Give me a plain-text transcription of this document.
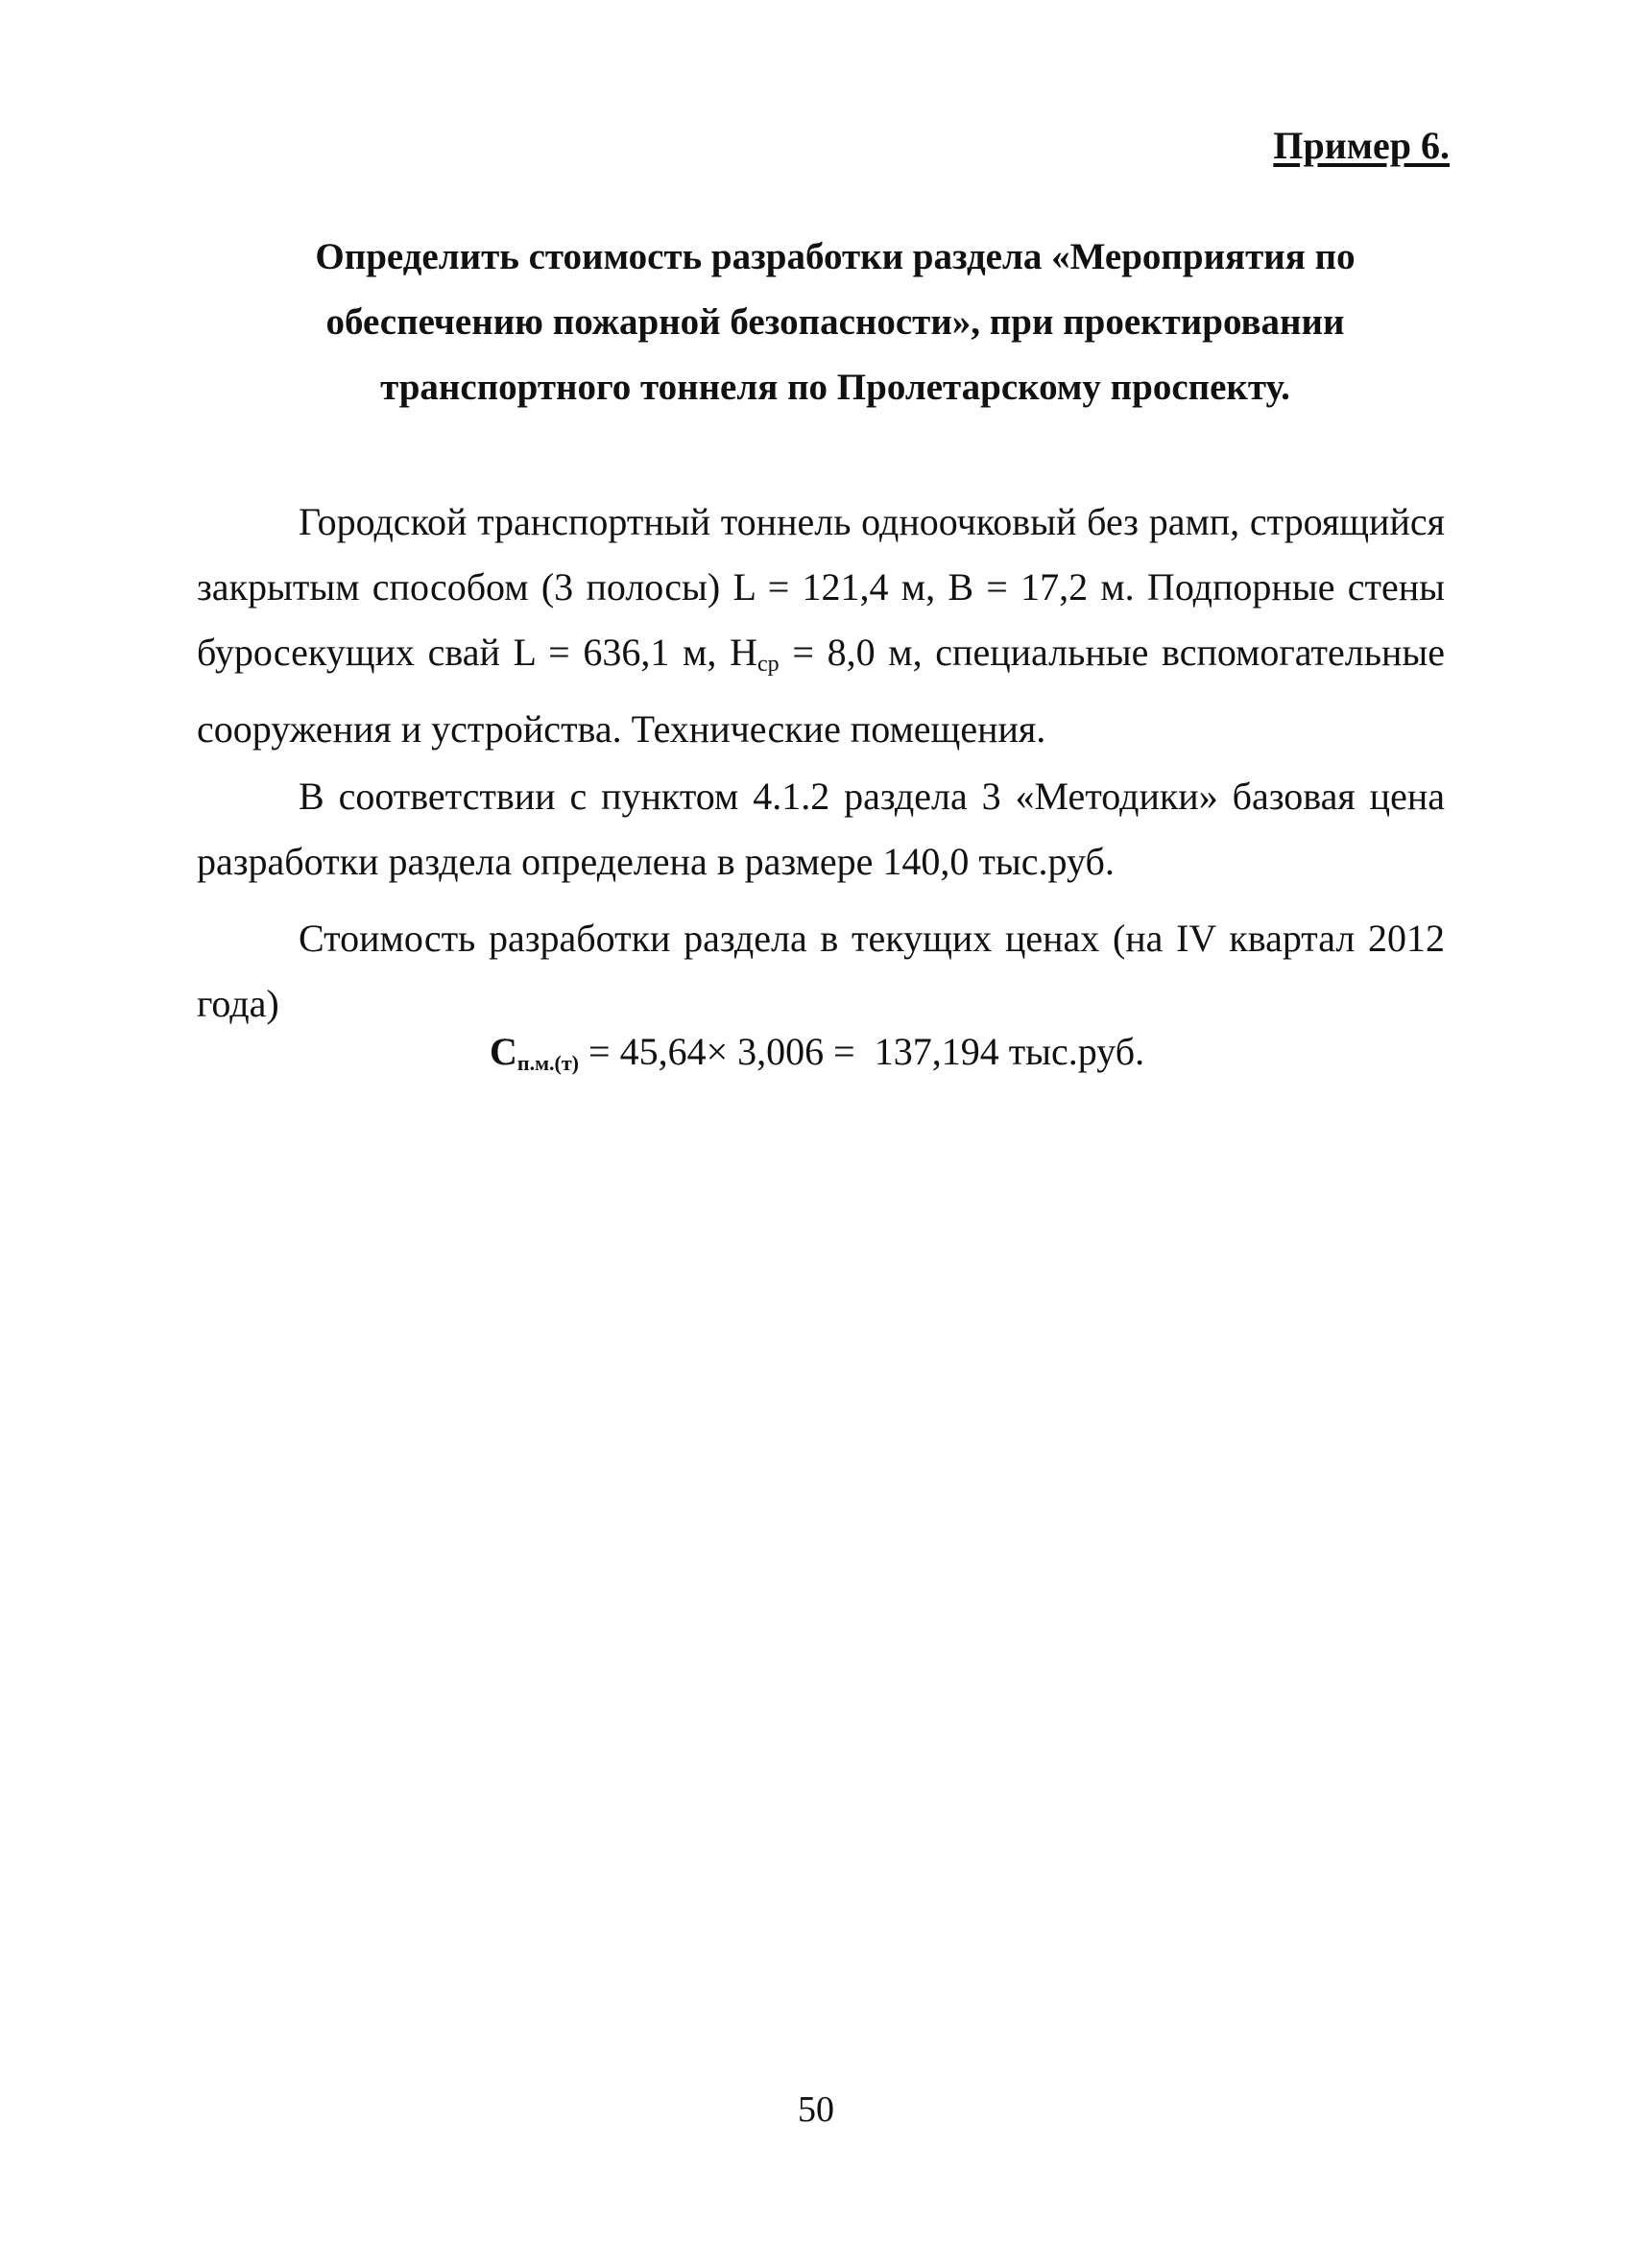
Пример 6.
Определить стоимость разработки раздела «Мероприятия по
обеспечению пожарной безопасности», при проектировании
транспортного тоннеля по Пролетарскому проспекту.

Городской транспортный тоннель одноочковый без рамп, строящийся закрытым способом (3 полосы) L = 121,4 м, B = 17,2 м. Подпорные стены буросекущих свай L = 636,1 м, $H_{ср} = 8,0$ м, специальные вспомогательные сооружения и устройства. Технические помещения.

В соответствии с пунктом 4.1.2 раздела 3 «Методики» базовая цена разработки раздела определена в размере 140,0 тыс.руб.

Стоимость разработки раздела в текущих ценах (на IV квартал 2012 года)

$С_{п.м.(т)} = 45,64\times 3,006 = 137,194$ тыс.руб.
50
